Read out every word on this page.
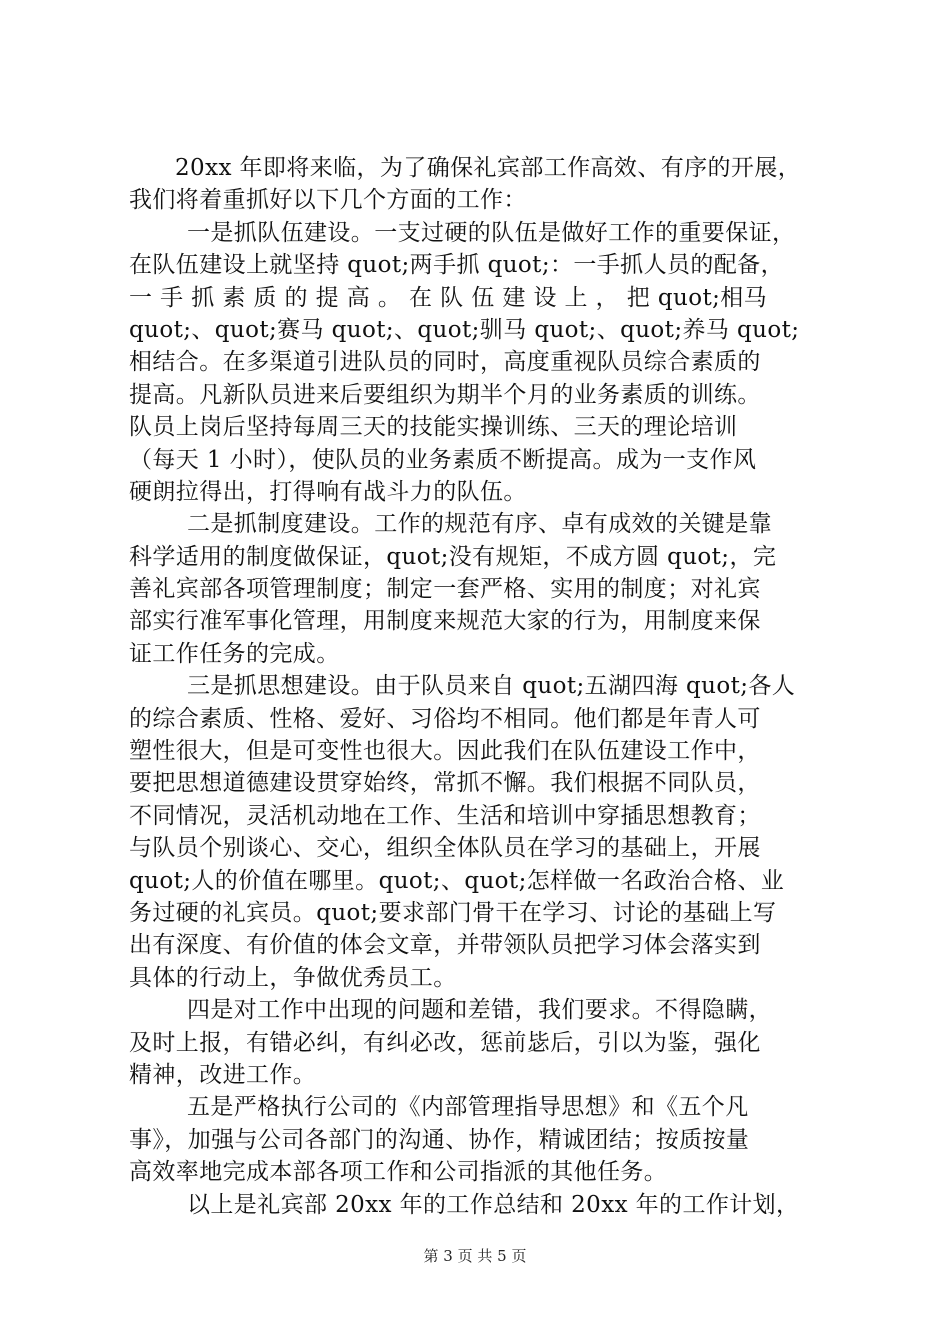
20xx 年即将来临，为了确保礼宾部工作高效、有序的开展，
我们将着重抓好以下几个方面的工作：
一是抓队伍建设。一支过硬的队伍是做好工作的重要保证，
在队伍建设上就坚持 quot;两手抓 quot;：一手抓人员的配备，
一 手 抓 素 质 的 提 高 。 在 队 伍 建 设 上 ， 把 quot;相马
quot;、quot;赛马 quot;、quot;驯马 quot;、quot;养马 quot;
相结合。在多渠道引进队员的同时，高度重视队员综合素质的
提高。凡新队员进来后要组织为期半个月的业务素质的训练。
队员上岗后坚持每周三天的技能实操训练、三天的理论培训
（每天 1 小时），使队员的业务素质不断提高。成为一支作风
硬朗拉得出，打得响有战斗力的队伍。
二是抓制度建设。工作的规范有序、卓有成效的关键是靠
科学适用的制度做保证，quot;没有规矩，不成方圆 quot;，完
善礼宾部各项管理制度；制定一套严格、实用的制度；对礼宾
部实行准军事化管理，用制度来规范大家的行为，用制度来保
证工作任务的完成。
三是抓思想建设。由于队员来自 quot;五湖四海 quot;各人
的综合素质、性格、爱好、习俗均不相同。他们都是年青人可
塑性很大，但是可变性也很大。因此我们在队伍建设工作中，
要把思想道德建设贯穿始终，常抓不懈。我们根据不同队员，
不同情况，灵活机动地在工作、生活和培训中穿插思想教育；
与队员个别谈心、交心，组织全体队员在学习的基础上，开展
quot;人的价值在哪里。quot;、quot;怎样做一名政治合格、业
务过硬的礼宾员。quot;要求部门骨干在学习、讨论的基础上写
出有深度、有价值的体会文章，并带领队员把学习体会落实到
具体的行动上，争做优秀员工。
四是对工作中出现的问题和差错，我们要求。不得隐瞒，
及时上报，有错必纠，有纠必改，惩前毖后，引以为鉴，强化
精神，改进工作。
五是严格执行公司的《内部管理指导思想》和《五个凡
事》，加强与公司各部门的沟通、协作，精诚团结；按质按量
高效率地完成本部各项工作和公司指派的其他任务。
以上是礼宾部 20xx 年的工作总结和 20xx 年的工作计划，
第 3 页 共 5 页
